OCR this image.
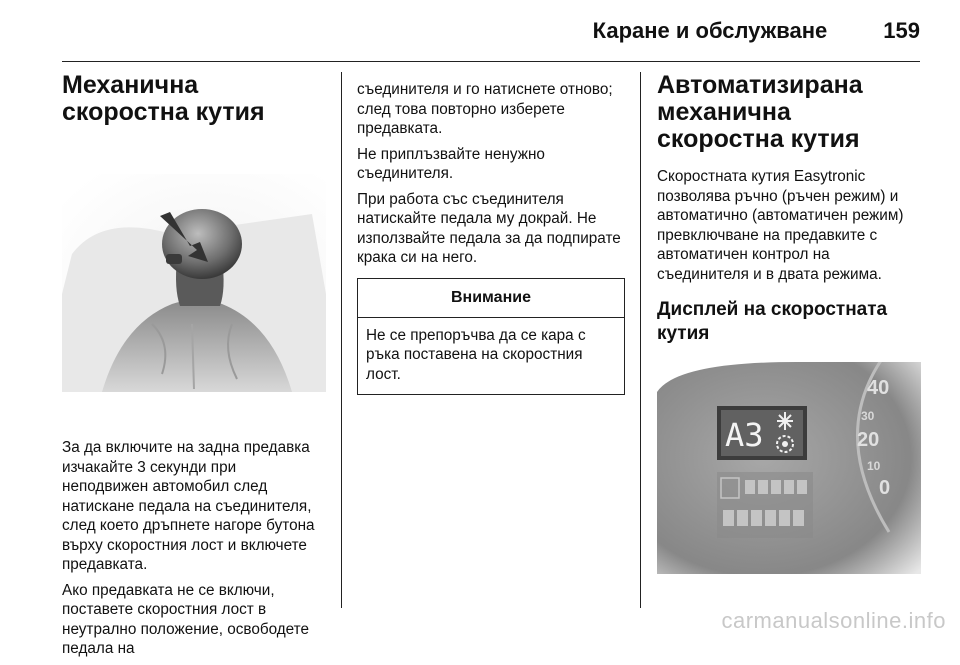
Карaне и обслужване	159
Механична скоростна кутия

За да включите на задна предавка изчакайте 3 секунди при неподвижен автомобил след натискане педала на съединителя, след което дръпнете нагоре бутона върху скоростния лост и включете предавката.

Ако предавката не се включи, поставете скоростния лост в неутрално положение, освободете педала на

съединителя и го натиснете отново; след това повторно изберете предавката.

Не приплъзвайте ненужно съединителя.

При работа със съединителя натискайте педала му докрай. Не използвайте педала за да подпирате крака си на него.

Внимание

Не се препоръчва да се кара с ръка поставена на скоростния лост.

Автоматизирана механична скоростна кутия

Скоростната кутия Easytronic позволява ръчно (ръчен режим) и автоматично (автоматичен режим) превключване на предавките с автоматичен контрол на съединителя и в двата режима.

Дисплей на скоростната кутия
40
30
20
10
0
A3
carmanualsonline.info
